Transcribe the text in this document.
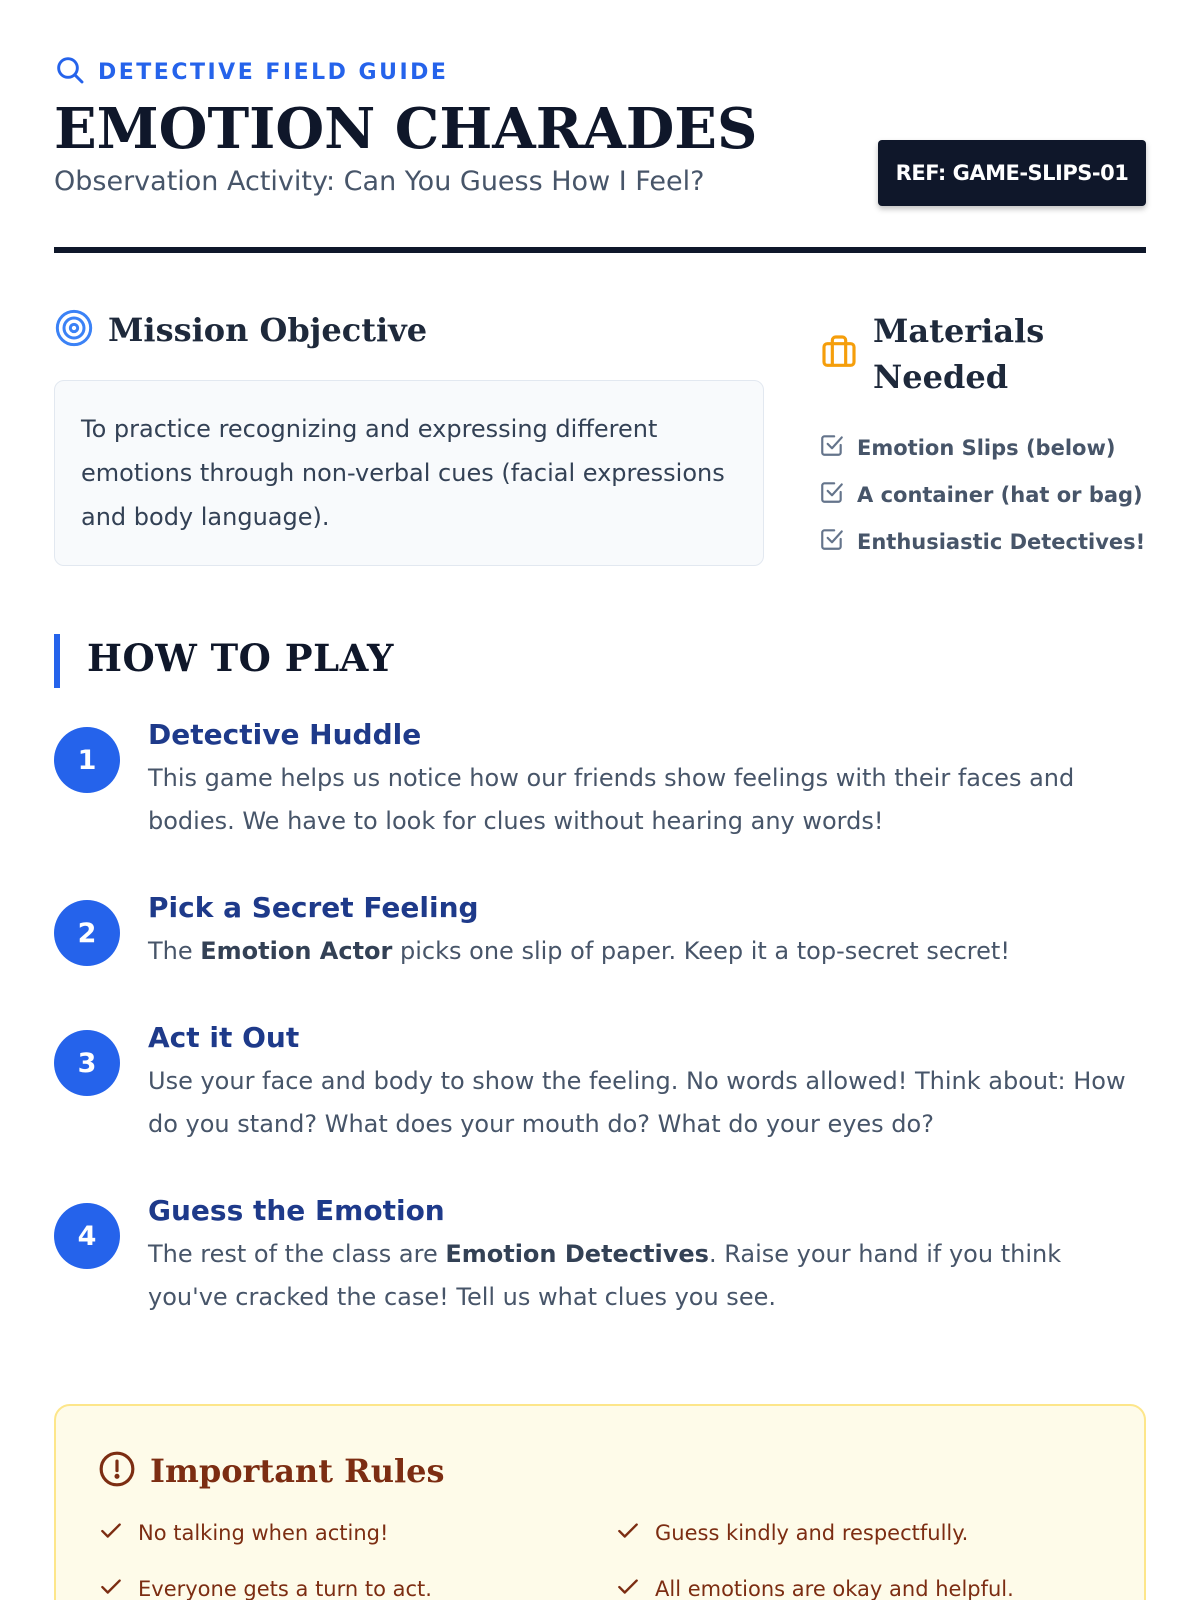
DETECTIVE FIELD GUIDE
EMOTION CHARADES
Observation Activity: Can You Guess How I Feel?	REF: GAME-SLIPS-01
Mission Objective

To practice recognizing and expressing different emotions through non-verbal cues (facial expressions and body language).

Materials Needed
Emotion Slips (below)
A container (hat or bag)
Enthusiastic Detectives!
HOW TO PLAY
1
Detective Huddle

This game helps us notice how our friends show feelings with their faces and bodies. We have to look for clues without hearing any words!

2
Pick a Secret Feeling

The Emotion Actor picks one slip of paper. Keep it a top-secret secret!

3
Act it Out

Use your face and body to show the feeling. No words allowed! Think about: How do you stand? What does your mouth do? What do your eyes do?

4
Guess the Emotion

The rest of the class are Emotion Detectives. Raise your hand if you think you've cracked the case! Tell us what clues you see.

Important Rules
No talking when acting!	Guess kindly and respectfully.
Everyone gets a turn to act.	All emotions are okay and helpful.
